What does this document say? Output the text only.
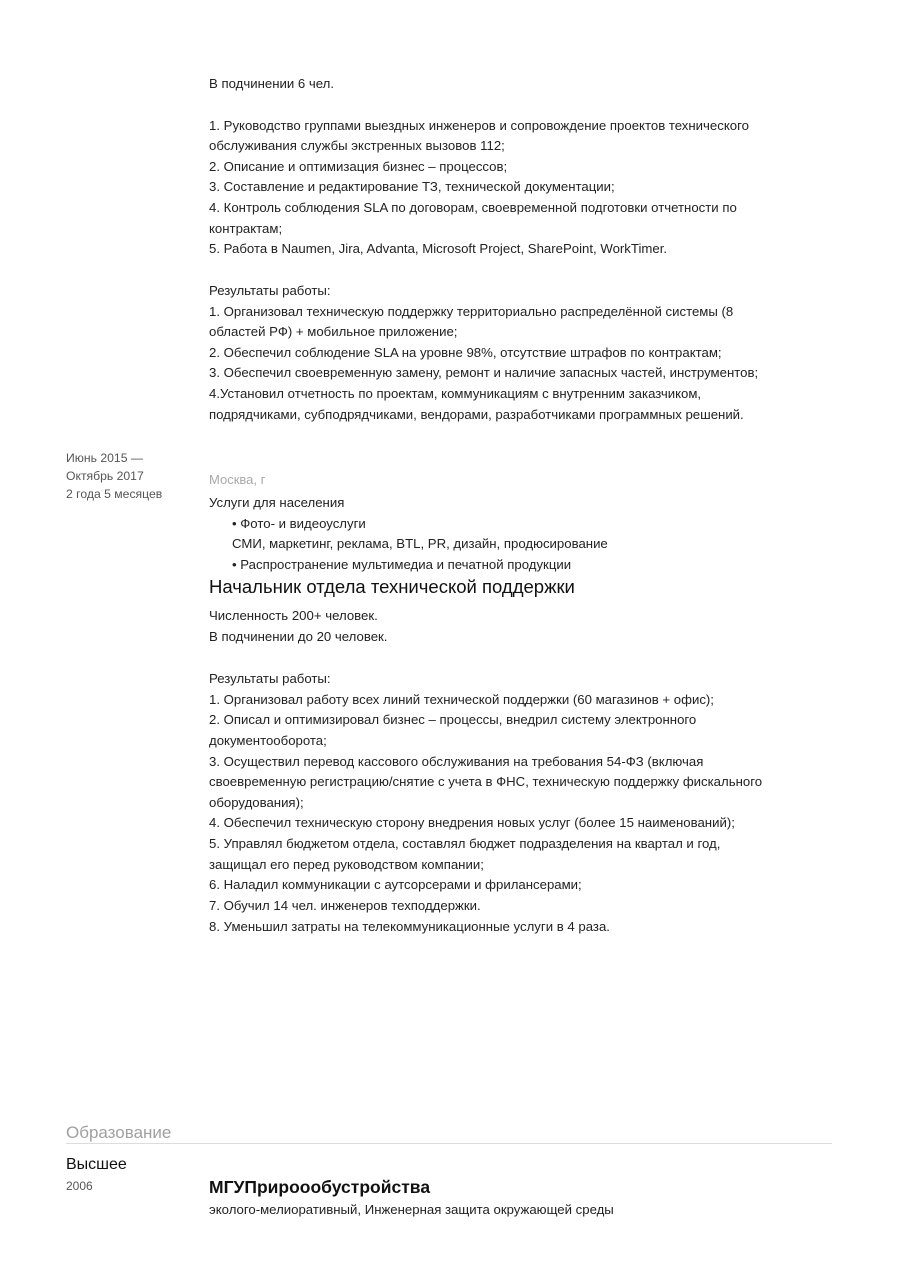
В подчинении 6 чел.
1. Руководство группами выездных инженеров и сопровождение проектов технического
обслуживания службы экстренных вызовов 112;
2. Описание и оптимизация бизнес – процессов;
3. Составление и редактирование ТЗ, технической документации;
4. Контроль соблюдения SLA по договорам, своевременной подготовки отчетности по
контрактам;
5. Работа в Naumen, Jira, Advanta, Microsoft Project, SharePoint, WorkTimer.
Результаты работы:
1. Организовал техническую поддержку территориально распределённой системы (8
областей РФ) + мобильное приложение;
2. Обеспечил соблюдение SLA на уровне 98%, отсутствие штрафов по контрактам;
3. Обеспечил своевременную замену, ремонт и наличие запасных частей, инструментов;
4.Установил отчетность по проектам, коммуникациям с внутренним заказчиком,
подрядчиками, субподрядчиками, вендорами, разработчиками программных решений.
Июнь 2015 —
Октябрь 2017
2 года 5 месяцев
Москва, г
Услуги для населения
• Фото- и видеоуслуги
СМИ, маркетинг, реклама, BTL, PR, дизайн, продюсирование
• Распространение мультимедиа и печатной продукции
Начальник отдела технической поддержки
Численность 200+ человек.
В подчинении до 20 человек.
Результаты работы:
1. Организовал работу всех линий технической поддержки (60 магазинов + офис);
2. Описал и оптимизировал бизнес – процессы, внедрил систему электронного
документооборота;
3. Осуществил перевод кассового обслуживания на требования 54-ФЗ (включая
своевременную регистрацию/снятие с учета в ФНС, техническую поддержку фискального
оборудования);
4. Обеспечил техническую сторону внедрения новых услуг (более 15 наименований);
5. Управлял бюджетом отдела, составлял бюджет подразделения на квартал и год,
защищал его перед руководством компании;
6. Наладил коммуникации с аутсорсерами и фрилансерами;
7. Обучил 14 чел. инженеров техподдержки.
8. Уменьшил затраты на телекоммуникационные услуги в 4 раза.
Образование
Высшее
2006	МГУПрироообустройства
эколого-мелиоративный, Инженерная защита окружающей среды
